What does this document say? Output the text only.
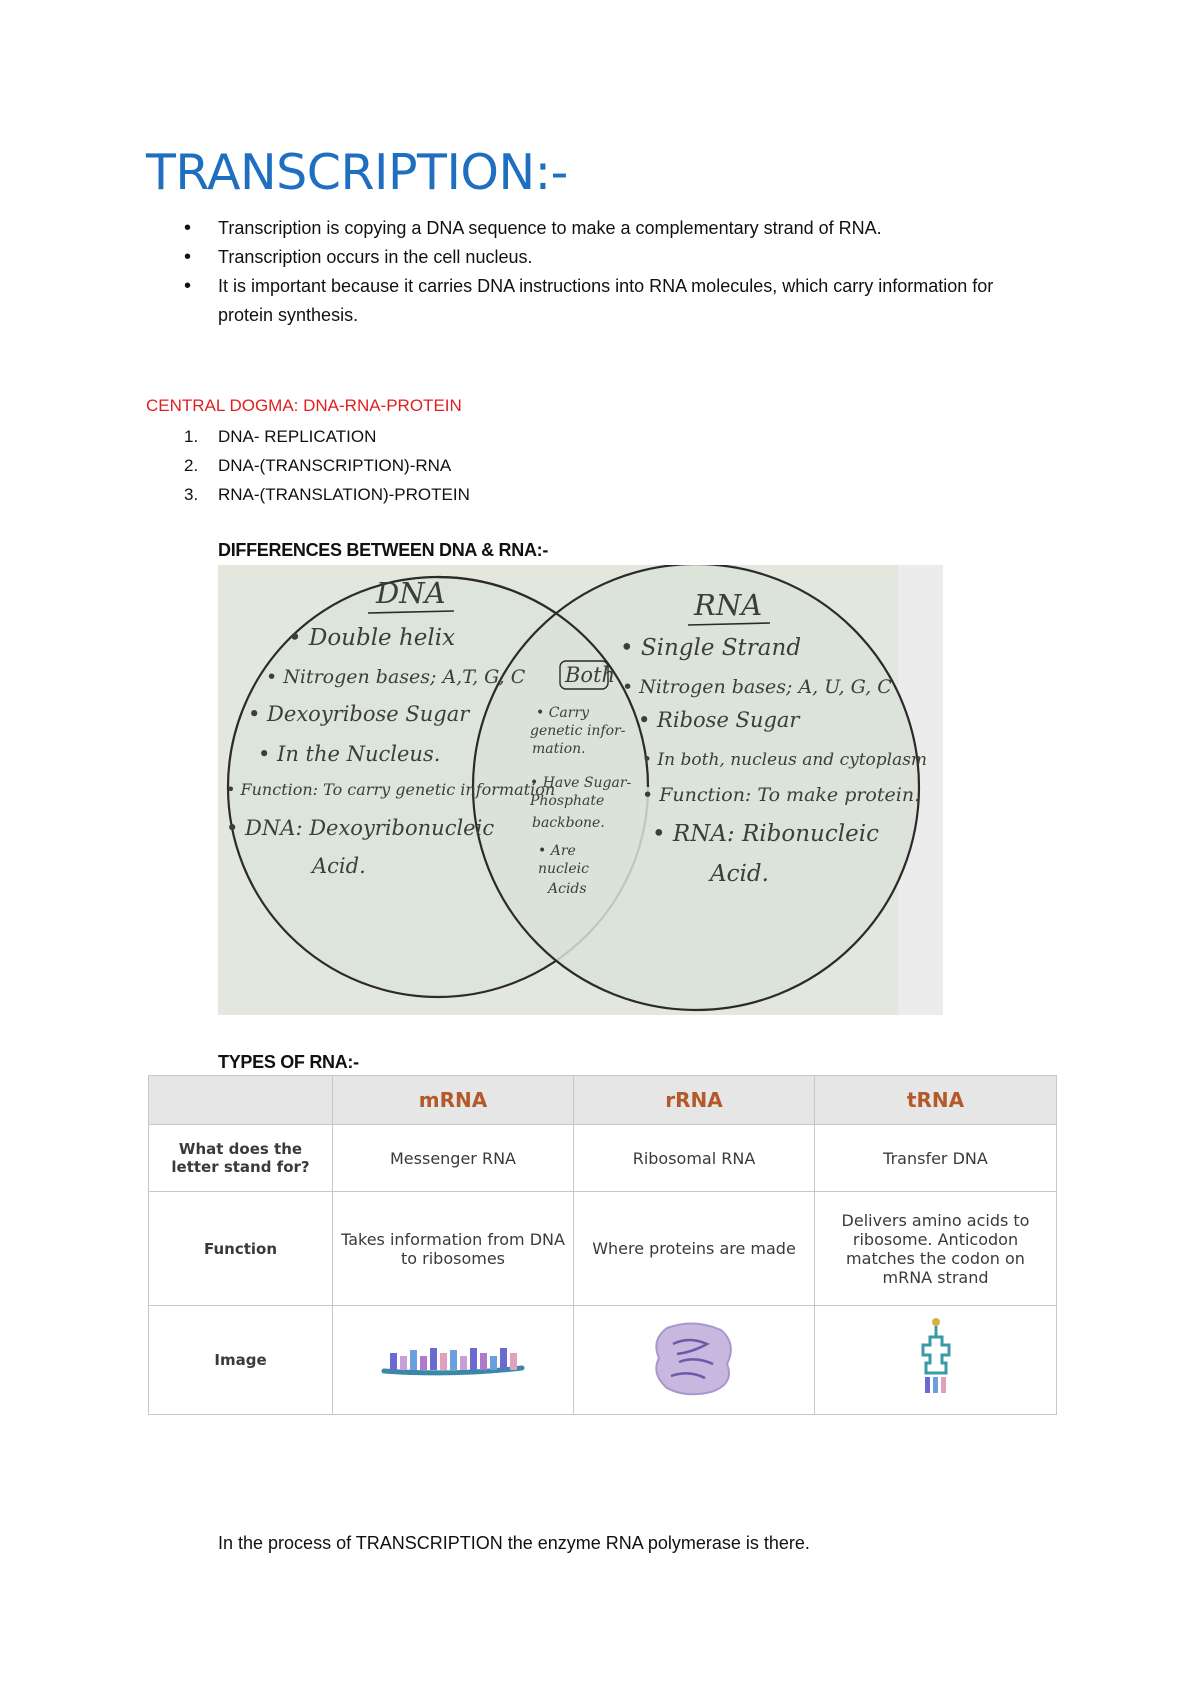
TRANSCRIPTION:-
• Transcription is copying a DNA sequence to make a complementary strand of RNA.
• Transcription occurs in the cell nucleus.
• It is important because it carries DNA instructions into RNA molecules, which carry information for protein synthesis.

CENTRAL DOGMA: DNA-RNA-PROTEIN

1. DNA- REPLICATION
2. DNA-(TRANSCRIPTION)-RNA
3. RNA-(TRANSLATION)-PROTEIN

DIFFERENCES BETWEEN DNA & RNA:-

DNA
• Double helix
• Nitrogen bases; A,T, G, C
• Dexoyribose Sugar
• In the Nucleus.
• Function: To carry genetic information
• DNA: Dexoyribonucleic
Acid.
Both
• Carry
genetic infor-
mation.
• Have Sugar-
Phosphate
backbone.
• Are
nucleic
Acids
RNA
• Single Strand
• Nitrogen bases; A, U, G, C
• Ribose Sugar
• In both, nucleus and cytoplasm
• Function: To make protein.
• RNA: Ribonucleic
Acid.

TYPES OF RNA:-

	mRNA	rRNA	tRNA
What does the letter stand for?	Messenger RNA	Ribosomal RNA	Transfer DNA
Function	Takes information from DNA to ribosomes	Where proteins are made	Delivers amino acids to ribosome. Anticodon matches the codon on mRNA strand
Image			

In the process of TRANSCRIPTION the enzyme RNA polymerase is there.
